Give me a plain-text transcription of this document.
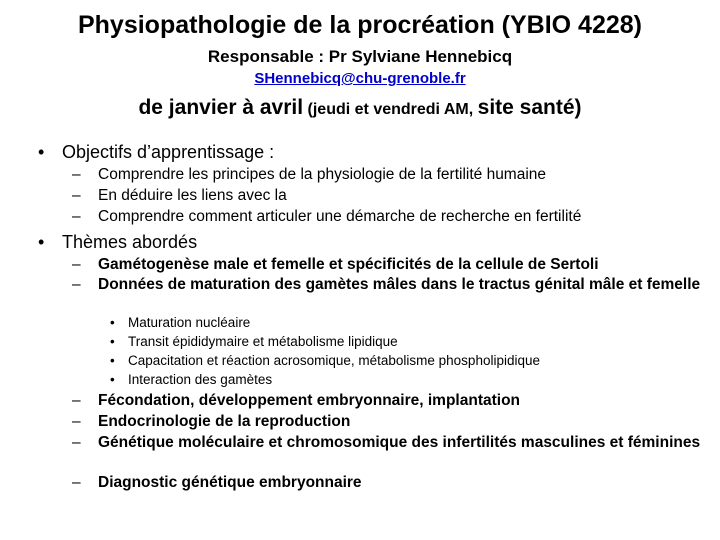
Physiopathologie de la procréation (YBIO 4228)
Responsable : Pr Sylviane Hennebicq
SHennebicq@chu-grenoble.fr
de janvier à avril (jeudi et vendredi AM, site santé)
• Objectifs d’apprentissage :
– Comprendre les principes de la physiologie de la fertilité humaine
– En déduire les liens avec la
– Comprendre comment articuler une démarche de recherche en fertilité
• Thèmes abordés
– Gamétogenèse male et femelle et spécificités de la cellule de Sertoli
– Données de maturation des gamètes mâles dans le tractus génital mâle et femelle
• Maturation nucléaire
• Transit épididymaire et métabolisme lipidique
• Capacitation et réaction acrosomique, métabolisme phospholipidique
• Interaction des gamètes
– Fécondation, développement embryonnaire, implantation
– Endocrinologie de la reproduction
– Génétique moléculaire et chromosomique des infertilités masculines et féminines
– Diagnostic génétique embryonnaire
